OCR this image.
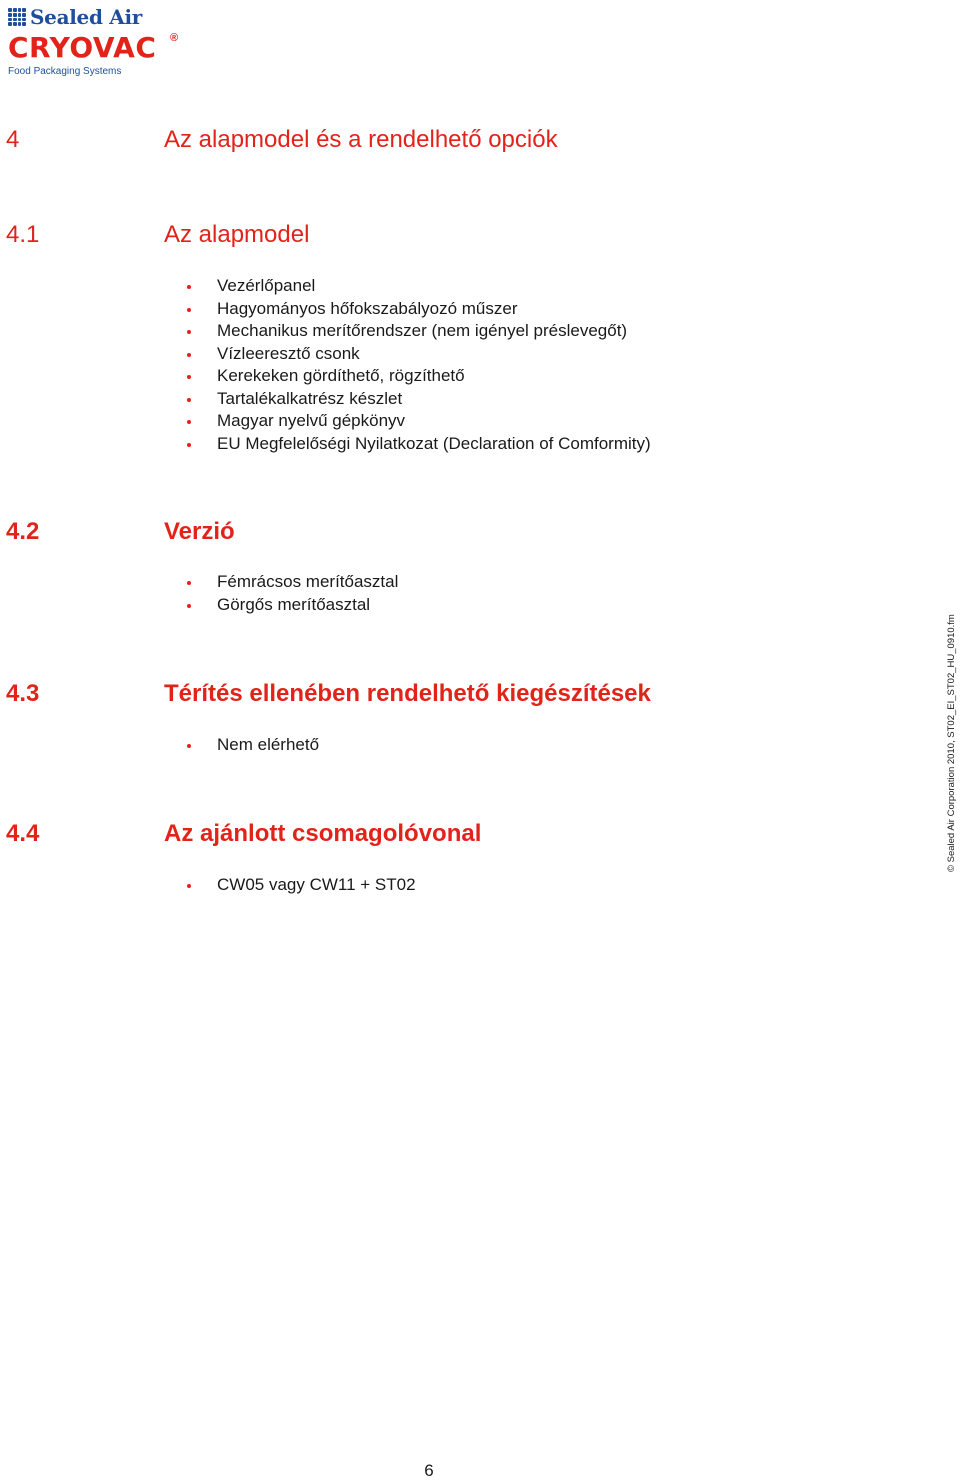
Sealed Air
CRYOVAC ®
Food Packaging Systems
4	Az alapmodel és a rendelhető opciók
4.1	Az alapmodel
Vezérlőpanel
Hagyományos hőfokszabályozó műszer
Mechanikus merítőrendszer (nem igényel préslevegőt)
Vízleeresztő csonk
Kerekeken gördíthető, rögzíthető
Tartalékalkatrész készlet
Magyar nyelvű gépkönyv
EU Megfelelőségi Nyilatkozat (Declaration of Comformity)
4.2	Verzió
Fémrácsos merítőasztal
Görgős merítőasztal
4.3	Térítés ellenében rendelhető kiegészítések
Nem elérhető
4.4	Az ajánlott csomagolóvonal
CW05 vagy CW11 + ST02
© Sealed Air Corporation 2010, ST02_EI_ST02_HU_0910.fm
6
